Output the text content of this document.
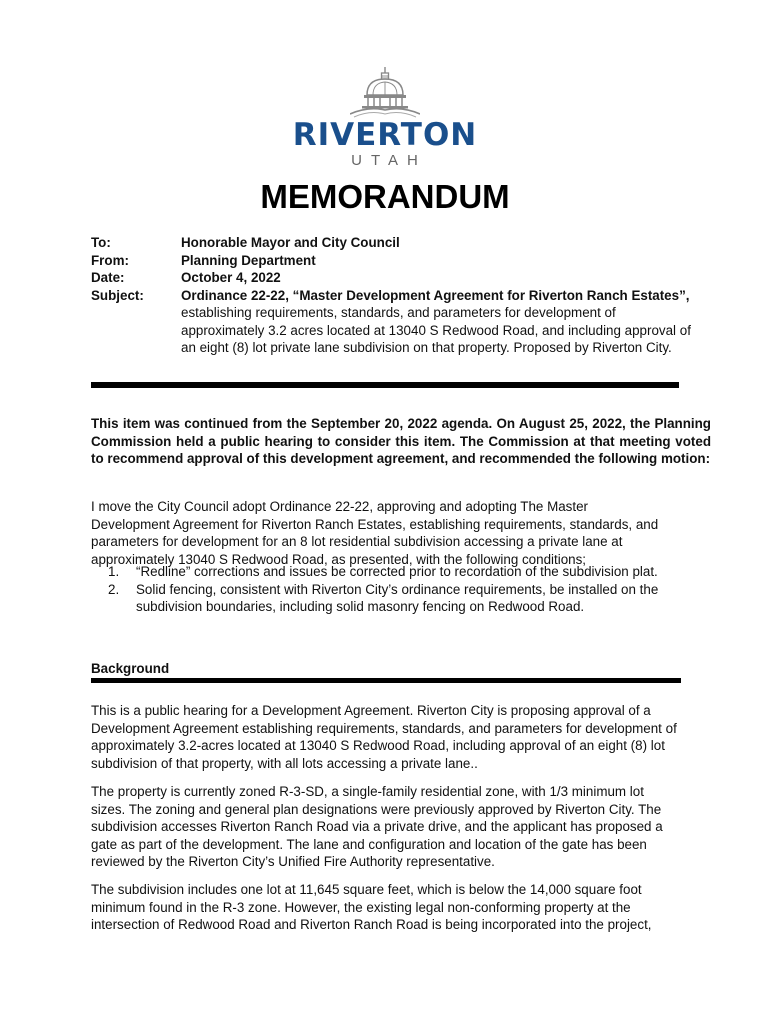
RIVERTON
UTAH
MEMORANDUM
To:	Honorable Mayor and City Council
From:	Planning Department
Date:	October 4, 2022
Subject:	Ordinance 22-22, “Master Development Agreement for Riverton Ranch Estates”, establishing requirements, standards, and parameters for development of approximately 3.2 acres located at 13040 S Redwood Road, and including approval of an eight (8) lot private lane subdivision on that property. Proposed by Riverton City.

This item was continued from the September 20, 2022 agenda. On August 25, 2022, the Planning Commission held a public hearing to consider this item. The Commission at that meeting voted to recommend approval of this development agreement, and recommended the following motion:

I move the City Council adopt Ordinance 22-22, approving and adopting The Master Development Agreement for Riverton Ranch Estates, establishing requirements, standards, and parameters for development for an 8 lot residential subdivision accessing a private lane at approximately 13040 S Redwood Road, as presented, with the following conditions;

1.	“Redline” corrections and issues be corrected prior to recordation of the subdivision plat.
2.	Solid fencing, consistent with Riverton City’s ordinance requirements, be installed on the subdivision boundaries, including solid masonry fencing on Redwood Road.
Background

This is a public hearing for a Development Agreement. Riverton City is proposing approval of a Development Agreement establishing requirements, standards, and parameters for development of approximately 3.2-acres located at 13040 S Redwood Road, including approval of an eight (8) lot subdivision of that property, with all lots accessing a private lane..

The property is currently zoned R-3-SD, a single-family residential zone, with 1/3 minimum lot sizes. The zoning and general plan designations were previously approved by Riverton City. The subdivision accesses Riverton Ranch Road via a private drive, and the applicant has proposed a gate as part of the development. The lane and configuration and location of the gate has been reviewed by the Riverton City’s Unified Fire Authority representative.

The subdivision includes one lot at 11,645 square feet, which is below the 14,000 square foot minimum found in the R-3 zone. However, the existing legal non-conforming property at the intersection of Redwood Road and Riverton Ranch Road is being incorporated into the project,
